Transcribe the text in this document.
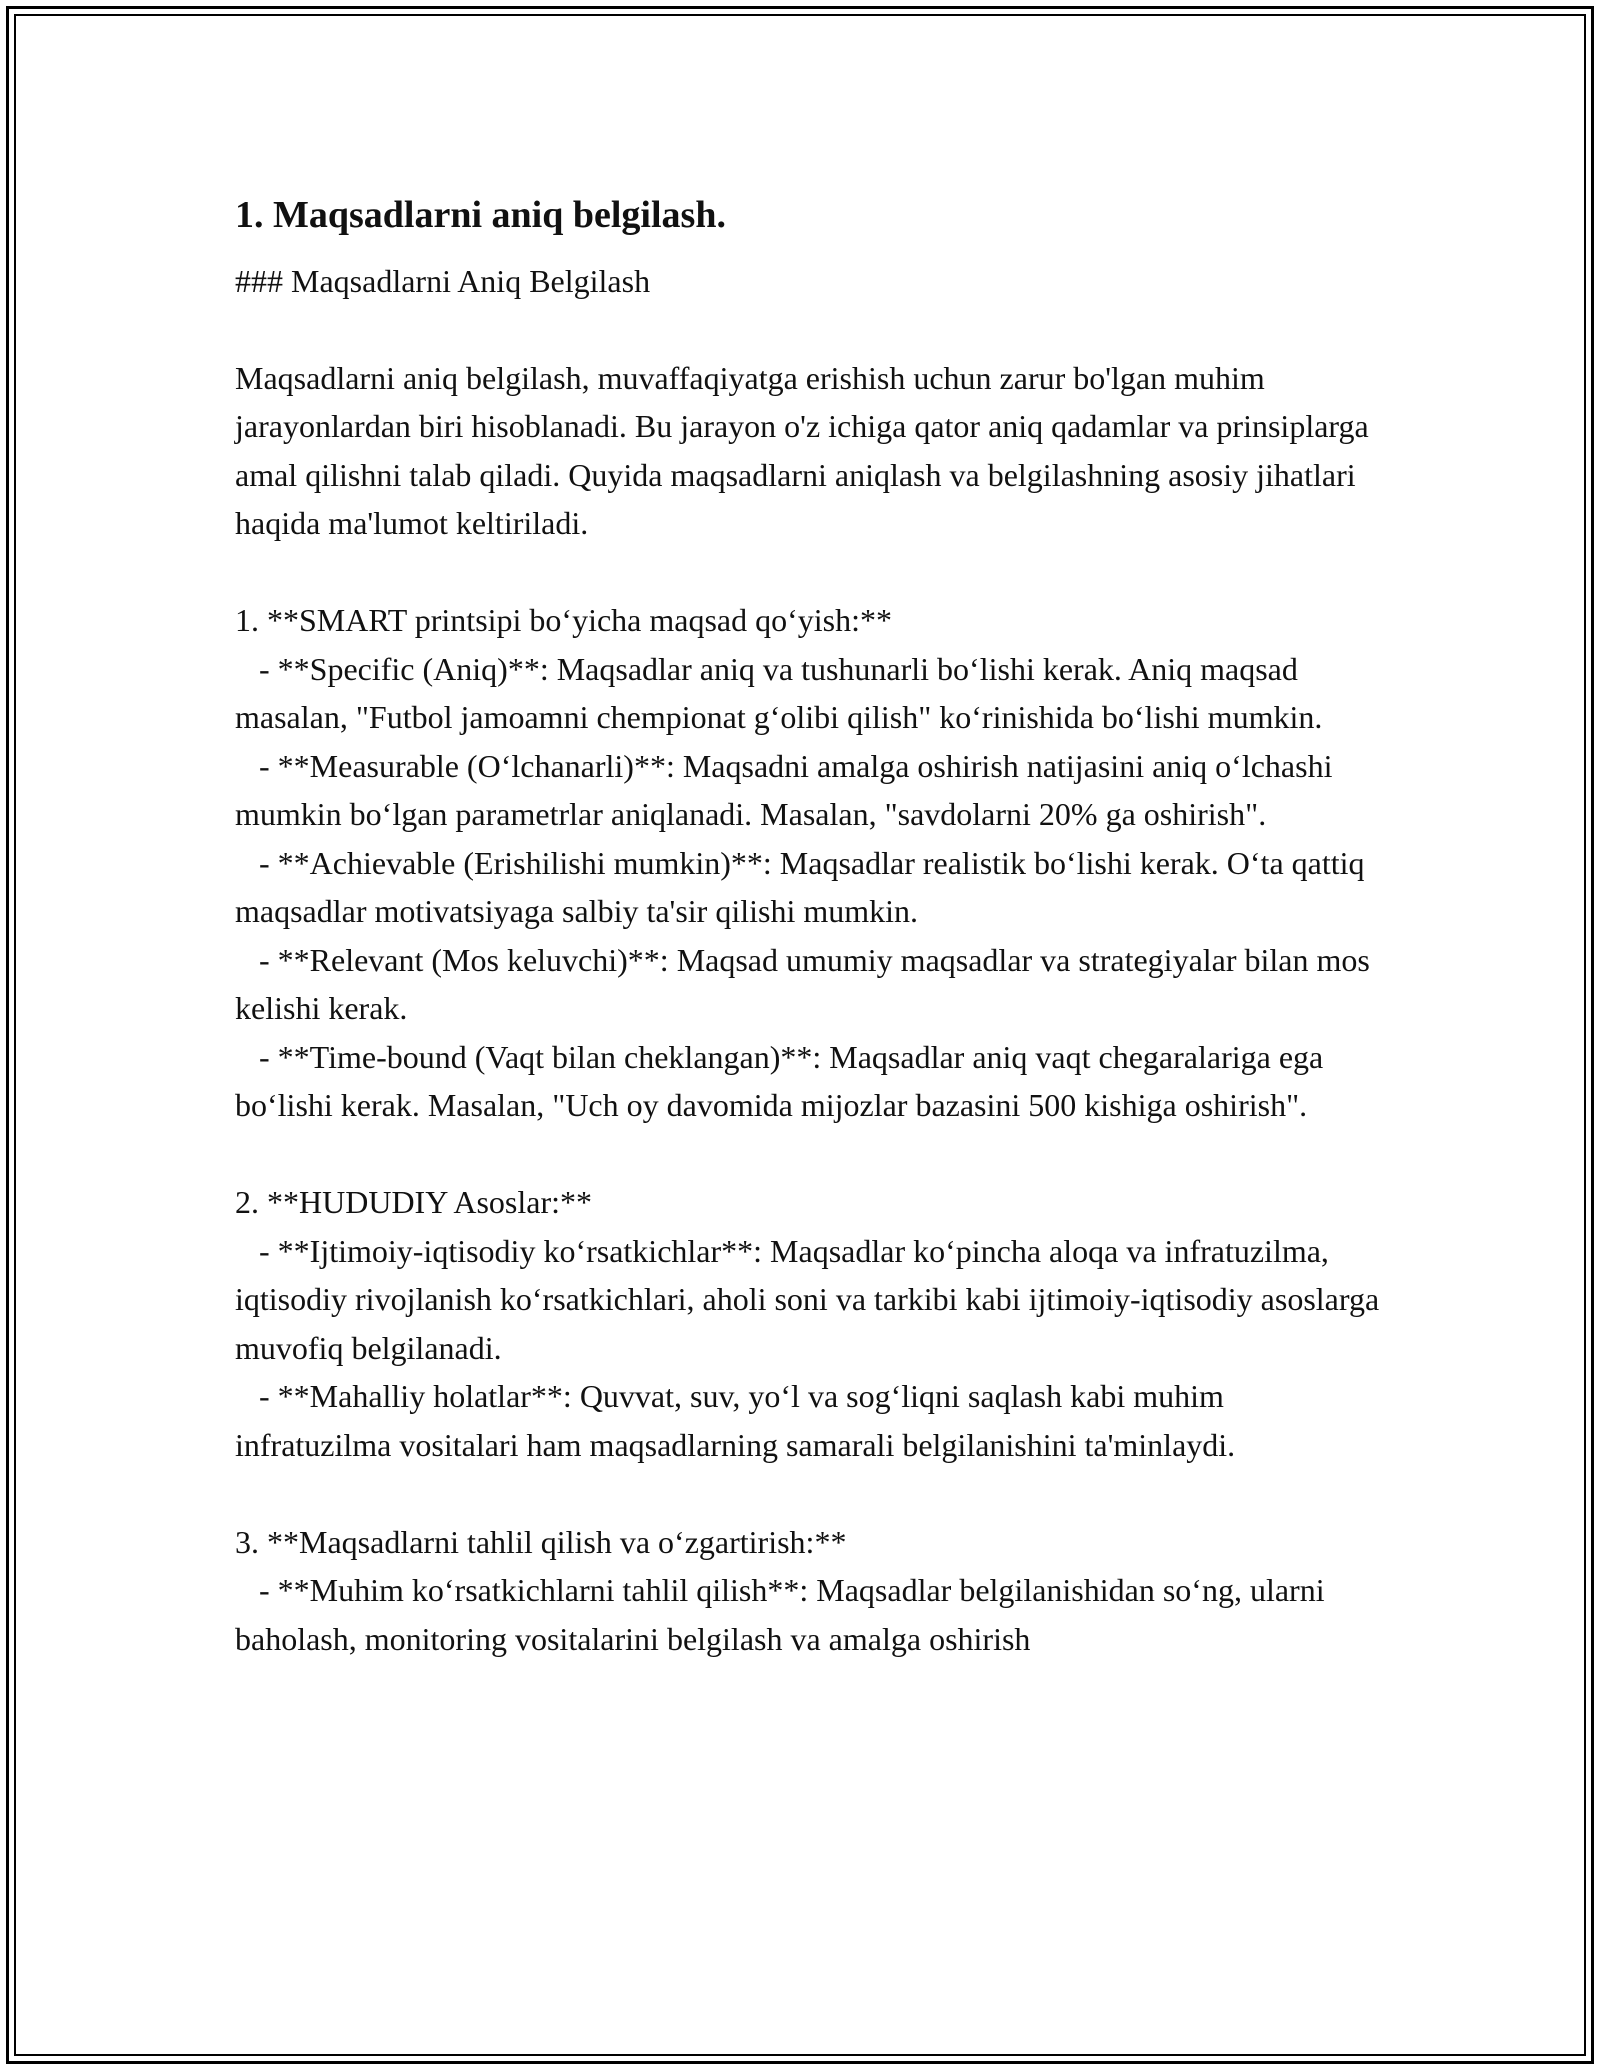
1. Maqsadlarni aniq belgilash.

### Maqsadlarni Aniq Belgilash

Maqsadlarni aniq belgilash, muvaffaqiyatga erishish uchun zarur bo'lgan muhim jarayonlardan biri hisoblanadi. Bu jarayon o'z ichiga qator aniq qadamlar va prinsiplarga amal qilishni talab qiladi. Quyida maqsadlarni aniqlash va belgilashning asosiy jihatlari haqida ma'lumot keltiriladi.

1. **SMART printsipi bo‘yicha maqsad qo‘yish:**

- **Specific (Aniq)**: Maqsadlar aniq va tushunarli bo‘lishi kerak. Aniq maqsad masalan, "Futbol jamoamni chempionat g‘olibi qilish" ko‘rinishida bo‘lishi mumkin.

- **Measurable (O‘lchanarli)**: Maqsadni amalga oshirish natijasini aniq o‘lchashi mumkin bo‘lgan parametrlar aniqlanadi. Masalan, "savdolarni 20% ga oshirish".

- **Achievable (Erishilishi mumkin)**: Maqsadlar realistik bo‘lishi kerak. O‘ta qattiq maqsadlar motivatsiyaga salbiy ta'sir qilishi mumkin.

- **Relevant (Mos keluvchi)**: Maqsad umumiy maqsadlar va strategiyalar bilan mos kelishi kerak.

- **Time-bound (Vaqt bilan cheklangan)**: Maqsadlar aniq vaqt chegaralariga ega bo‘lishi kerak. Masalan, "Uch oy davomida mijozlar bazasini 500 kishiga oshirish".

2. **HUDUDIY Asoslar:**

- **Ijtimoiy-iqtisodiy ko‘rsatkichlar**: Maqsadlar ko‘pincha aloqa va infratuzilma, iqtisodiy rivojlanish ko‘rsatkichlari, aholi soni va tarkibi kabi ijtimoiy-iqtisodiy asoslarga muvofiq belgilanadi.

- **Mahalliy holatlar**: Quvvat, suv, yo‘l va sog‘liqni saqlash kabi muhim infratuzilma vositalari ham maqsadlarning samarali belgilanishini ta'minlaydi.

3. **Maqsadlarni tahlil qilish va o‘zgartirish:**

- **Muhim ko‘rsatkichlarni tahlil qilish**: Maqsadlar belgilanishidan so‘ng, ularni baholash, monitoring vositalarini belgilash va amalga oshirish
